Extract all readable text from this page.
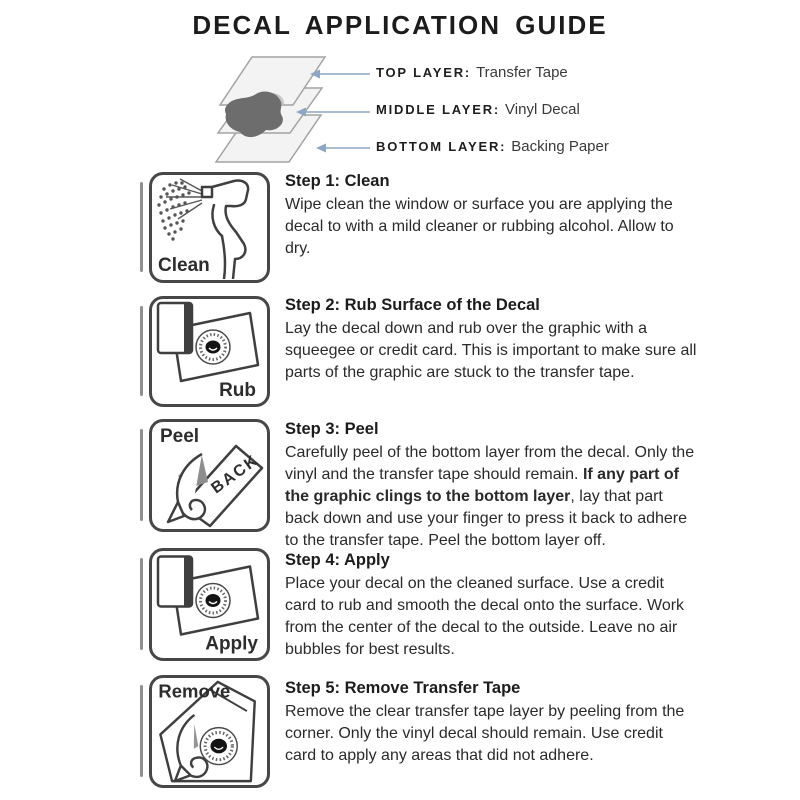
DECAL APPLICATION GUIDE
TOP LAYER: Transfer Tape
MIDDLE LAYER: Vinyl Decal
BOTTOM LAYER: Backing Paper
Clean
Step 1: Clean

Wipe clean the window or surface you are applying the decal to with a mild cleaner or rubbing alcohol. Allow to dry.

Rub
Step 2: Rub Surface of the Decal

Lay the decal down and rub over the graphic with a squeegee or credit card. This is important to make sure all parts of the graphic are stuck to the transfer tape.

BACK
Peel	Step 3: Peel

Carefully peel of the bottom layer from the decal. Only the vinyl and the transfer tape should remain. If any part of the graphic clings to the bottom layer, lay that part back down and use your finger to press it back to adhere to the transfer tape. Peel the bottom layer off.

Apply
Step 4: Apply

Place your decal on the cleaned surface. Use a credit card to rub and smooth the decal onto the surface. Work from the center of the decal to the outside. Leave no air bubbles for best results.

Remove	Step 5: Remove Transfer Tape

Remove the clear transfer tape layer by peeling from the corner. Only the vinyl decal should remain. Use credit card to apply any areas that did not adhere.
